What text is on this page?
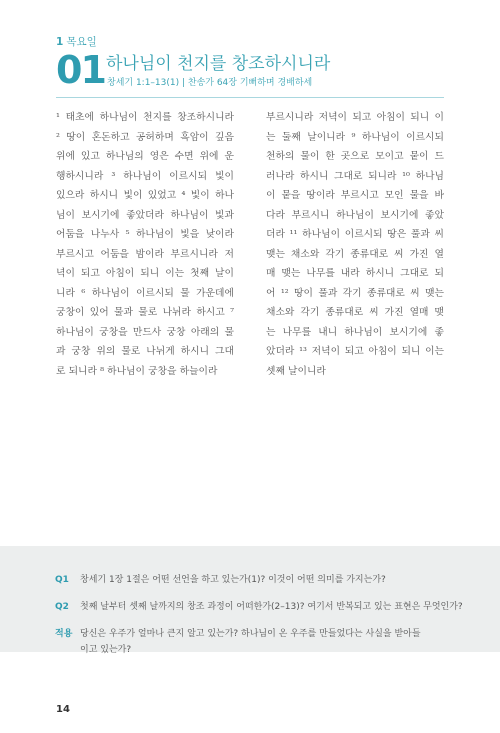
1 목요일
01 하나님이 천지를 창조하시니라
창세기 1:1–13(1) | 찬송가 64장 기뻐하며 경배하세
¹ 태초에 하나님이 천지를 창조하시니라
² 땅이 혼돈하고 공허하며 흑암이 깊음
위에 있고 하나님의 영은 수면 위에 운
행하시니라 ³ 하나님이 이르시되 빛이
있으라 하시니 빛이 있었고 ⁴ 빛이 하나
님이 보시기에 좋았더라 하나님이 빛과
어둠을 나누사 ⁵ 하나님이 빛을 낮이라
부르시고 어둠을 밤이라 부르시니라 저
녁이 되고 아침이 되니 이는 첫째 날이
니라 ⁶ 하나님이 이르시되 물 가운데에
궁창이 있어 물과 물로 나뉘라 하시고 ⁷
하나님이 궁창을 만드사 궁창 아래의 물
과 궁창 위의 물로 나뉘게 하시니 그대
로 되니라 ⁸ 하나님이 궁창을 하늘이라
부르시니라 저녁이 되고 아침이 되니 이
는 둘째 날이니라 ⁹ 하나님이 이르시되
천하의 물이 한 곳으로 모이고 뭍이 드
러나라 하시니 그대로 되니라 ¹⁰ 하나님
이 뭍을 땅이라 부르시고 모인 물을 바
다라 부르시니 하나님이 보시기에 좋았
더라 ¹¹ 하나님이 이르시되 땅은 풀과 씨
맺는 채소와 각기 종류대로 씨 가진 열
매 맺는 나무를 내라 하시니 그대로 되
어 ¹² 땅이 풀과 각기 종류대로 씨 맺는
채소와 각기 종류대로 씨 가진 열매 맺
는 나무를 내니 하나님이 보시기에 좋
았더라 ¹³ 저녁이 되고 아침이 되니 이는
셋째 날이니라
Q1 창세기 1장 1절은 어떤 선언을 하고 있는가(1)? 이것이 어떤 의미를 가지는가?
Q2 첫째 날부터 셋째 날까지의 창조 과정이 어떠한가(2–13)? 여기서 반복되고 있는 표현은 무엇인가?
적용 당신은 우주가 얼마나 큰지 알고 있는가? 하나님이 온 우주를 만들었다는 사실을 받아들
이고 있는가?
14
